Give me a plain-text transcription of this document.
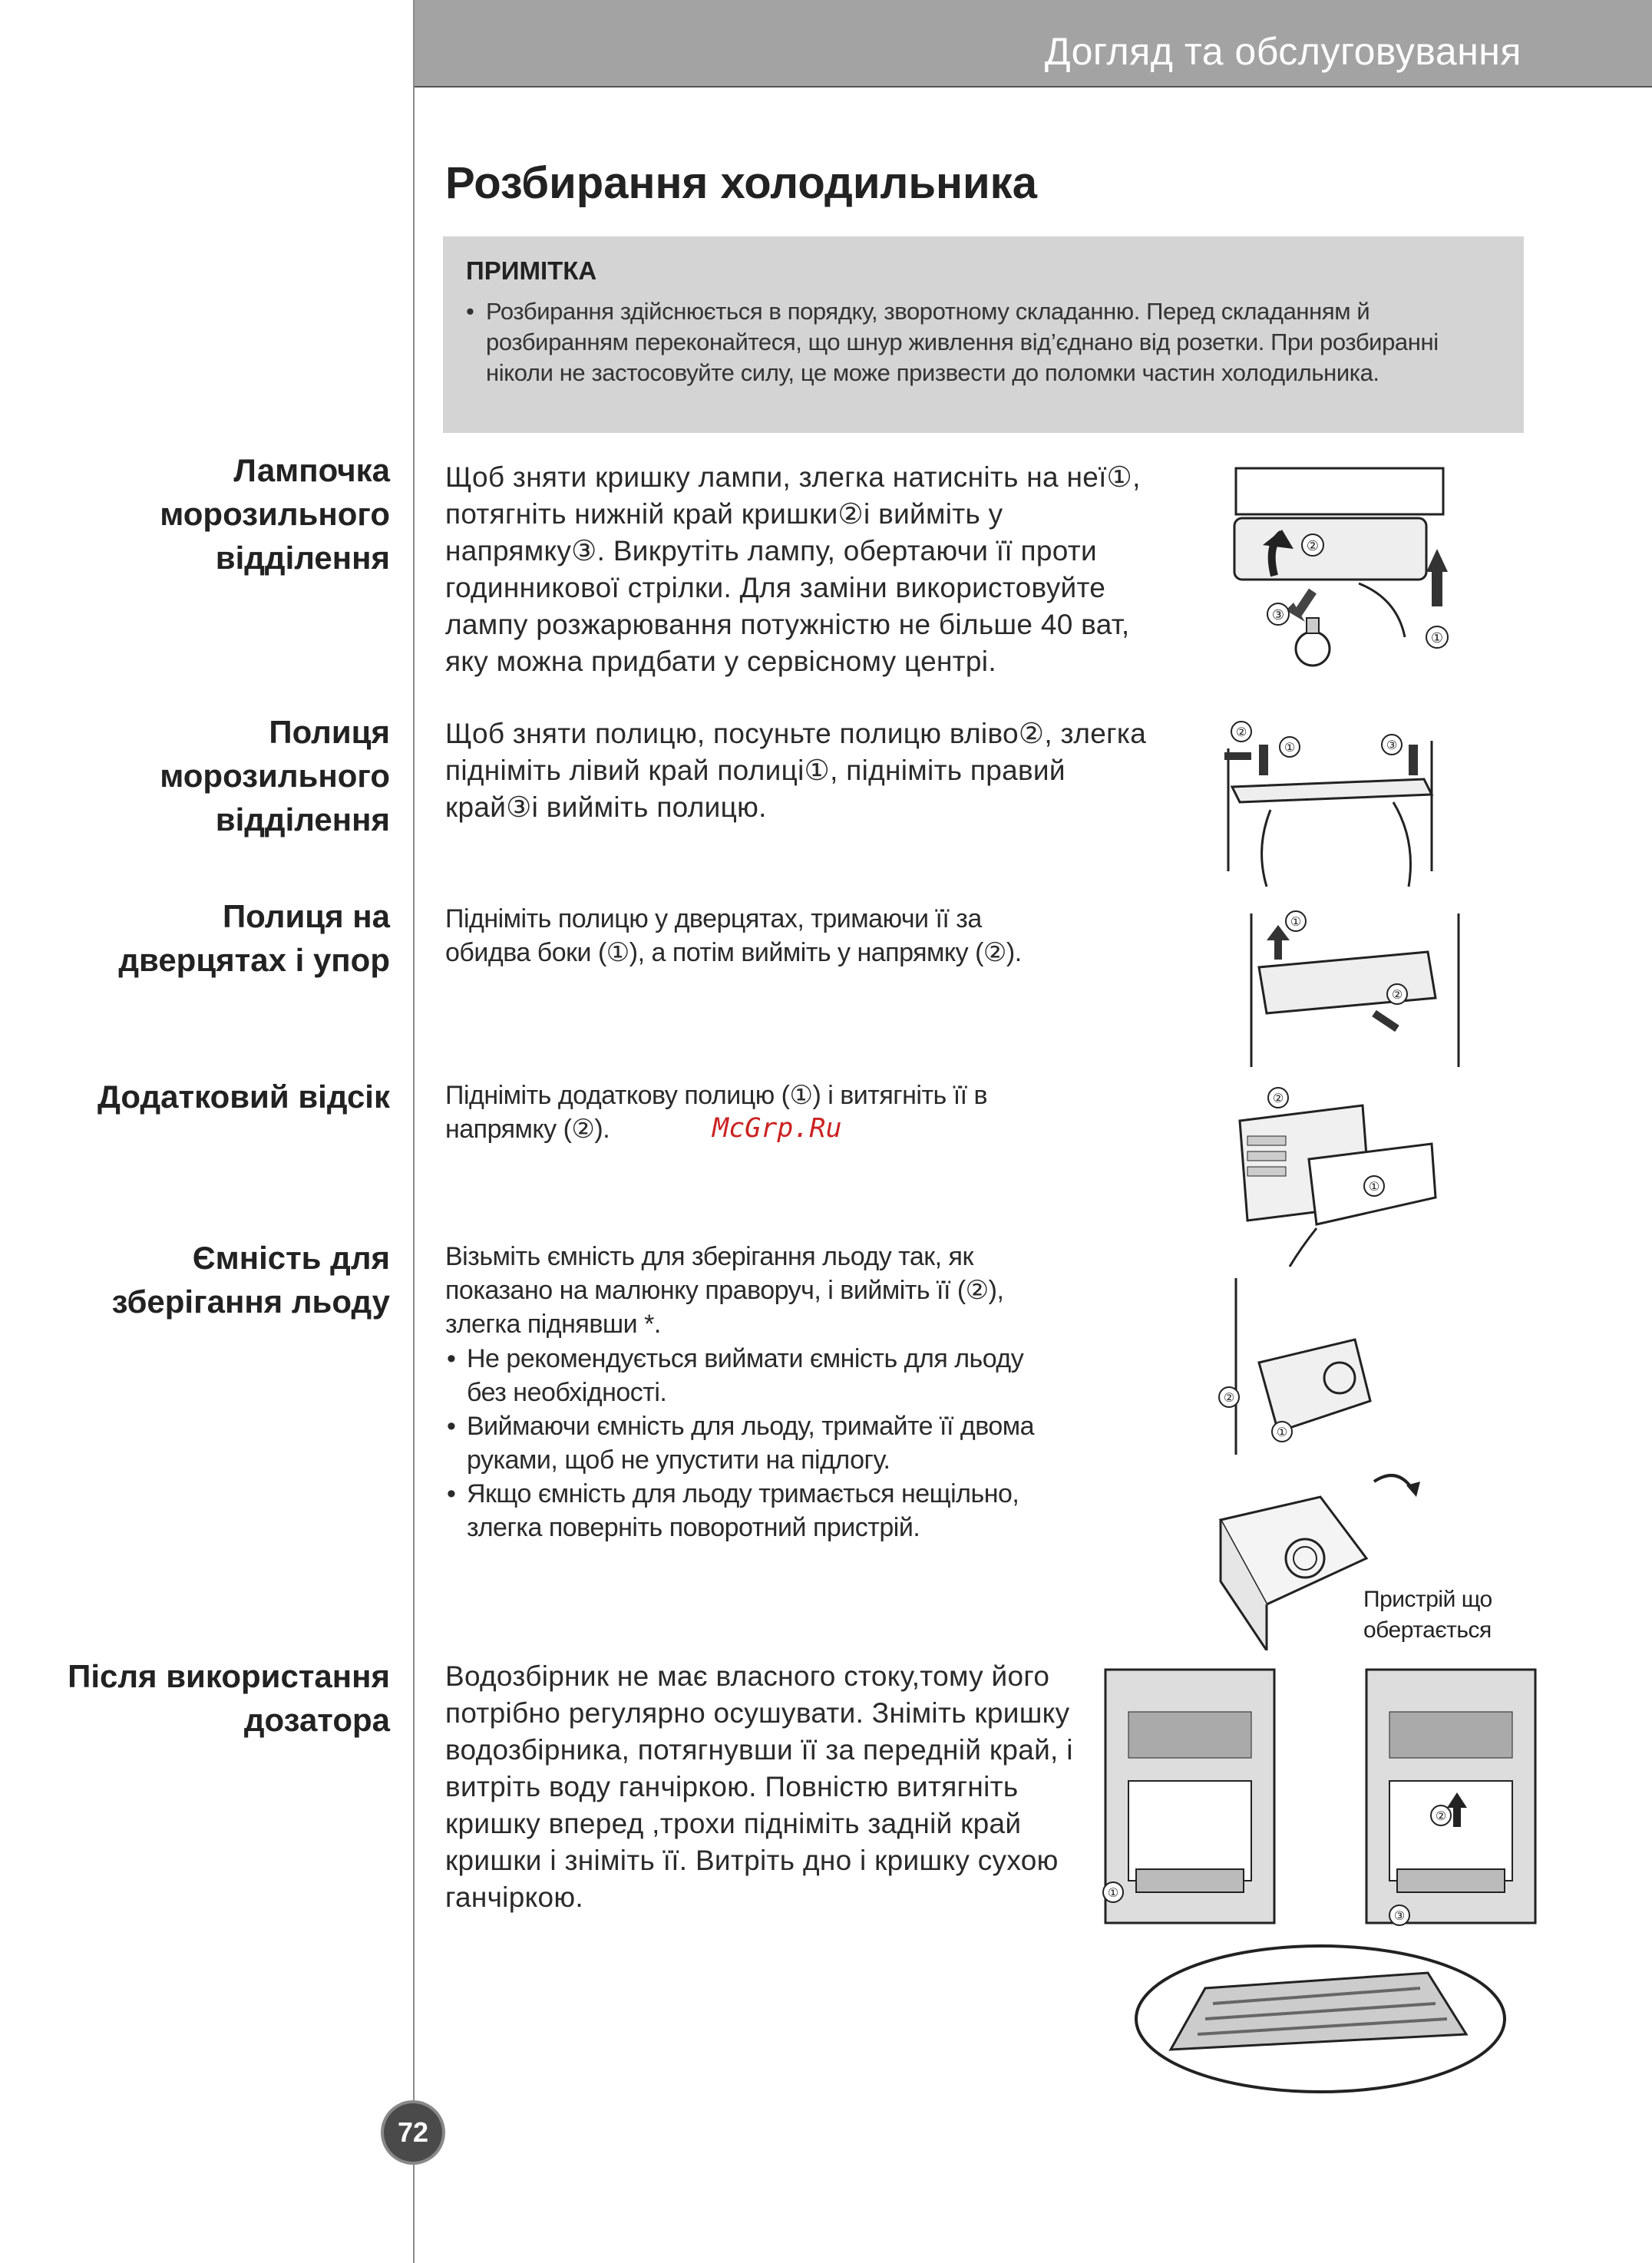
Догляд та обслуговування
Розбирання холодильника

ПРИМІТКА

• Розбирання здійснюється в порядку, зворотному складанню. Перед складанням й розбиранням переконайтеся, що шнур живлення від’єднано від розетки. При розбиранні ніколи не застосовуйте силу, це може призвести до поломки частин холодильника.

Лампочка морозильного відділення

Щоб зняти кришку лампи, злегка натисніть на неї①, потягніть нижній край кришки②і вийміть у напрямку③. Викрутіть лампу, обертаючи її проти годинникової стрілки. Для заміни використовуйте лампу розжарювання потужністю не більше 40 ват, яку можна придбати у сервісному центрі.

②
③
①

Полиця морозильного відділення

Щоб зняти полицю, посуньте полицю вліво②, злегка підніміть лівий край полиці①, підніміть правий край③і вийміть полицю.

②
①	③

Полиця на дверцятах і упор

Підніміть полицю у дверцятах, тримаючи її за обидва боки (①), а потім вийміть у напрямку (②).

①
②

Додатковий відсік Підніміть додаткову полицю (①) і витягніть її в напрямку (②).	McGrp.Ru
②
①

Ємність для зберігання льоду

Візьміть ємність для зберігання льоду так, як показано на малюнку праворуч, і вийміть її (②), злегка піднявши *.

• Не рекомендується виймати ємність для льоду без необхідності.
• Виймаючи ємність для льоду, тримайте її двома руками, щоб не упустити на підлогу.
• Якщо ємність для льоду тримається нещільно, злегка поверніть поворотний пристрій.
②
①
Пристрій що обертається

Після використання дозатора

Водозбірник не має власного стоку,тому його потрібно регулярно осушувати. Зніміть кришку водозбірника, потягнувши її за передній край, і витріть воду ганчіркою. Повністю витягніть кришку вперед ,трохи підніміть задній край кришки і зніміть її. Витріть дно і кришку сухою ганчіркою.	①
②
③
72
